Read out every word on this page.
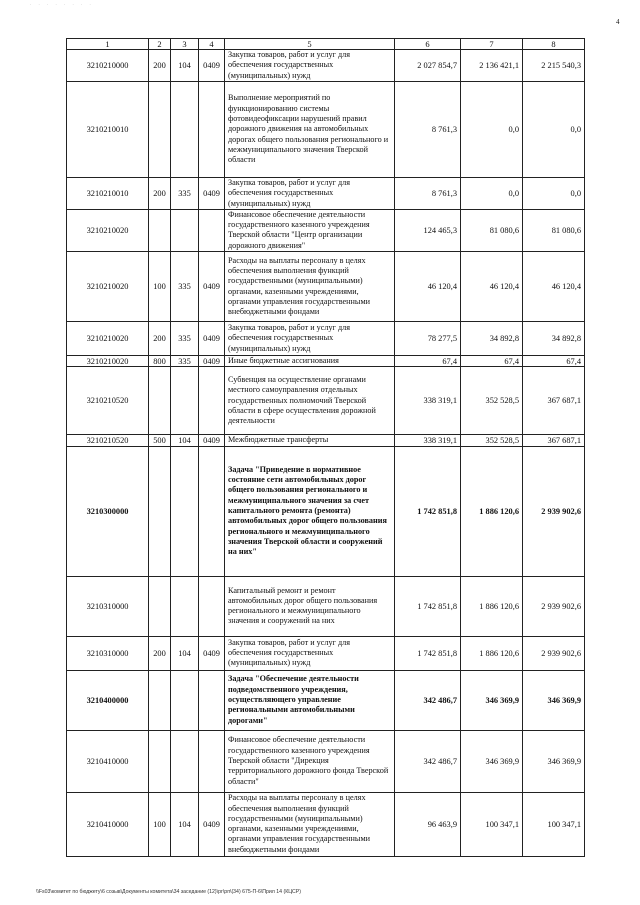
. . . . . . . .
4
1	2	3	4	5	6	7	8
3210210000	200	104	0409	Закупка товаров, работ и услуг для обеспечения государственных (муниципальных) нужд	2 027 854,7	2 136 421,1	2 215 540,3
3210210010				Выполнение мероприятий по функционированию системы фотовидеофиксации нарушений правил дорожного движения на автомобильных дорогах общего пользования регионального и межмуниципального значения Тверской области	8 761,3	0,0	0,0
3210210010	200	335	0409	Закупка товаров, работ и услуг для обеспечения государственных (муниципальных) нужд	8 761,3	0,0	0,0
3210210020				Финансовое обеспечение деятельности государственного казенного учреждения Тверской области "Центр организации дорожного движения"	124 465,3	81 080,6	81 080,6
3210210020	100	335	0409	Расходы на выплаты персоналу в целях обеспечения выполнения функций государственными (муниципальными) органами, казенными учреждениями, органами управления государственными внебюджетными фондами	46 120,4	46 120,4	46 120,4
3210210020	200	335	0409	Закупка товаров, работ и услуг для обеспечения государственных (муниципальных) нужд	78 277,5	34 892,8	34 892,8
3210210020	800	335	0409	Иные бюджетные ассигнования	67,4	67,4	67,4
3210210520				Субвенция на осуществление органами местного самоуправления отдельных государственных полномочий Тверской области в сфере осуществления дорожной деятельности	338 319,1	352 528,5	367 687,1
3210210520	500	104	0409	Межбюджетные трансферты	338 319,1	352 528,5	367 687,1
3210300000				Задача "Приведение в нормативное состояние сети автомобильных дорог общего пользования регионального и межмуниципального значения за счет капитального ремонта (ремонта) автомобильных дорог общего пользования регионального и межмуниципального значения Тверской области и сооружений на них"	1 742 851,8	1 886 120,6	2 939 902,6
3210310000				Капитальный ремонт и ремонт автомобильных дорог общего пользования регионального и межмуниципального значения и сооружений на них	1 742 851,8	1 886 120,6	2 939 902,6
3210310000	200	104	0409	Закупка товаров, работ и услуг для обеспечения государственных (муниципальных) нужд	1 742 851,8	1 886 120,6	2 939 902,6
3210400000				Задача "Обеспечение деятельности подведомственного учреждения, осуществляющего управление региональными автомобильными дорогами"	342 486,7	346 369,9	346 369,9
3210410000				Финансовое обеспечение деятельности государственного казенного учреждения Тверской области "Дирекция территориального дорожного фонда Тверской области"	342 486,7	346 369,9	346 369,9
3210410000	100	104	0409	Расходы на выплаты персоналу в целях обеспечения выполнения функций государственными (муниципальными) органами, казенными учреждениями, органами управления государственными внебюджетными фондами	96 463,9	100 347,1	100 347,1
\\Fs03\комитет по бюджету\6 созыв\Документы комитета\34 заседание (12)\рг\рп\(34) 675-П-6\Прил 14 (КЦСР)
